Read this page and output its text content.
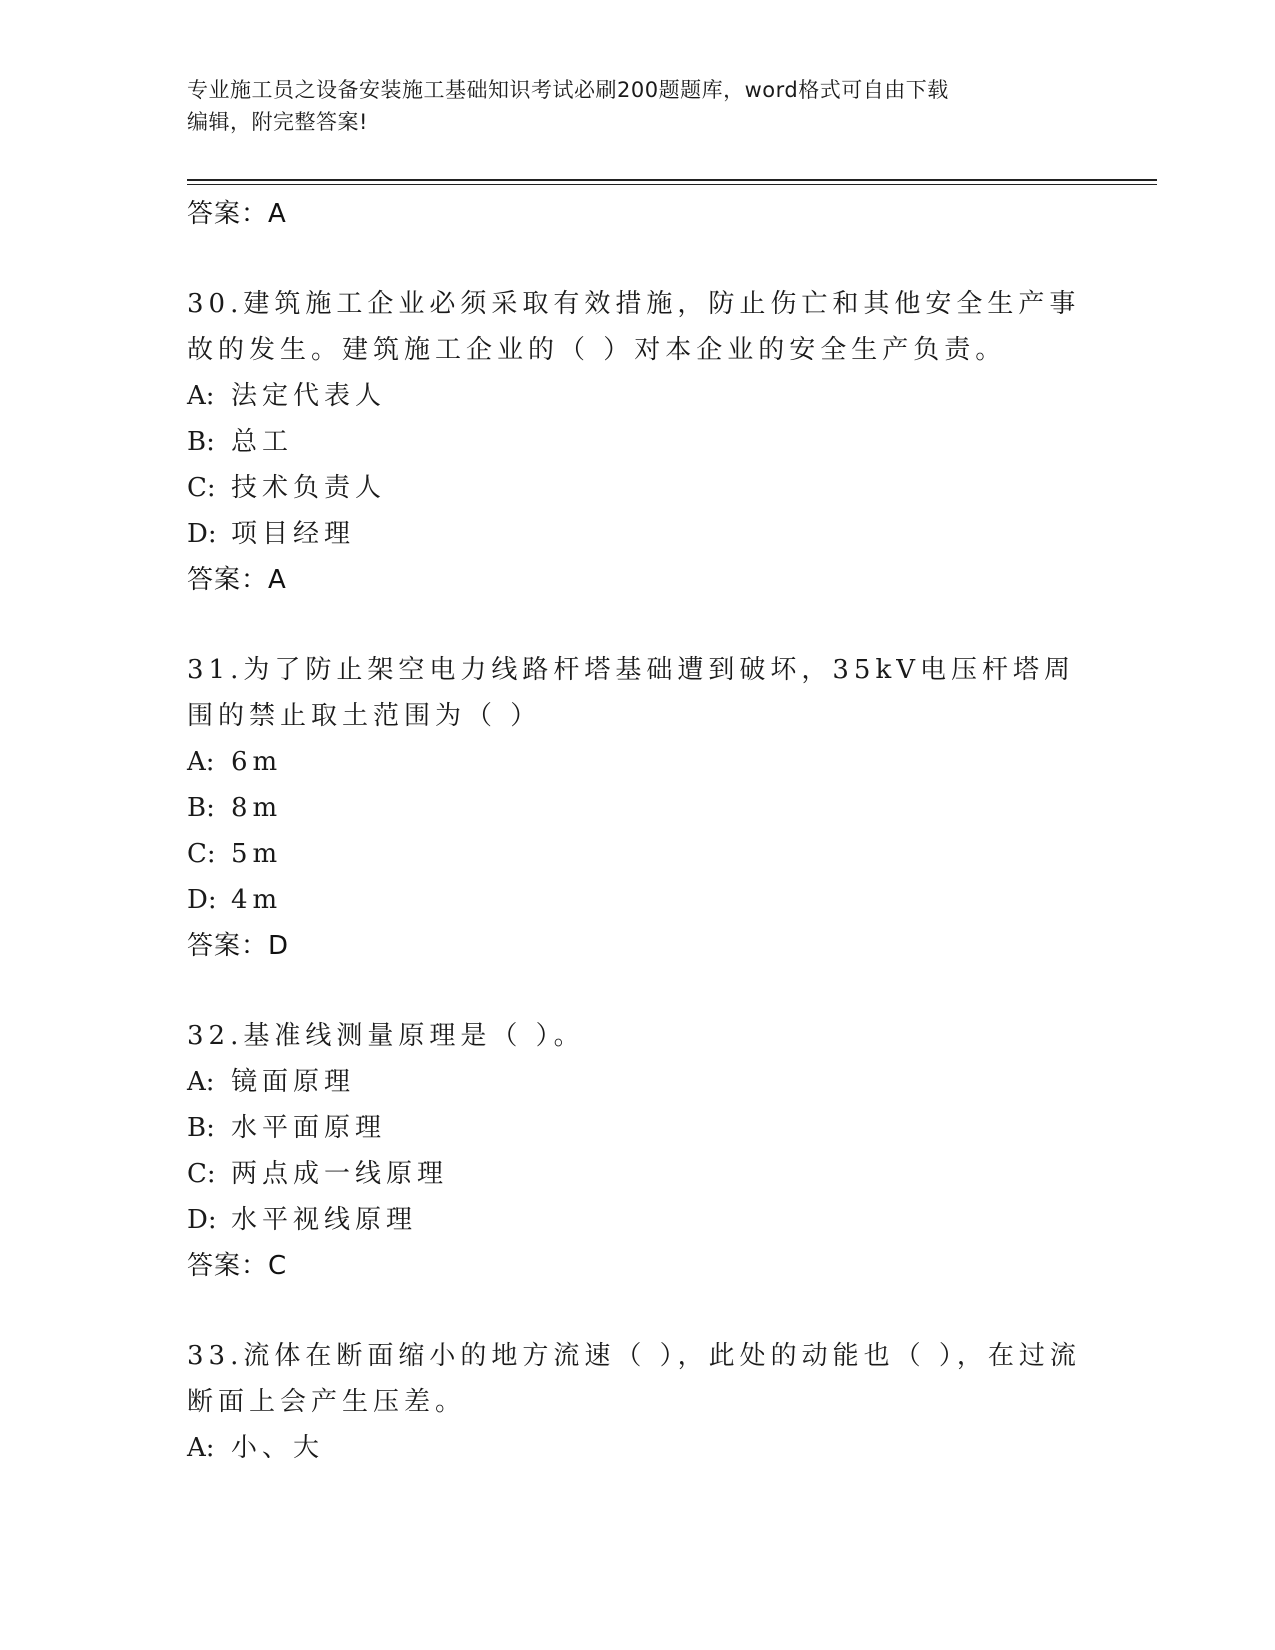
专业施工员之设备安装施工基础知识考试必刷200题题库，word格式可自由下载
编辑，附完整答案!
答案：A
30.建筑施工企业必须采取有效措施，防止伤亡和其他安全生产事故的发生。建筑施工企业的（ ）对本企业的安全生产负责。
A: 法定代表人
B: 总工
C: 技术负责人
D: 项目经理
答案：A
31.为了防止架空电力线路杆塔基础遭到破坏，35kV电压杆塔周围的禁止取土范围为（ ）
A: 6m
B: 8m
C: 5m
D: 4m
答案：D
32.基准线测量原理是（ ）。
A: 镜面原理
B: 水平面原理
C: 两点成一线原理
D: 水平视线原理
答案：C
33.流体在断面缩小的地方流速（ ），此处的动能也（ ），在过流断面上会产生压差。
A: 小、大
